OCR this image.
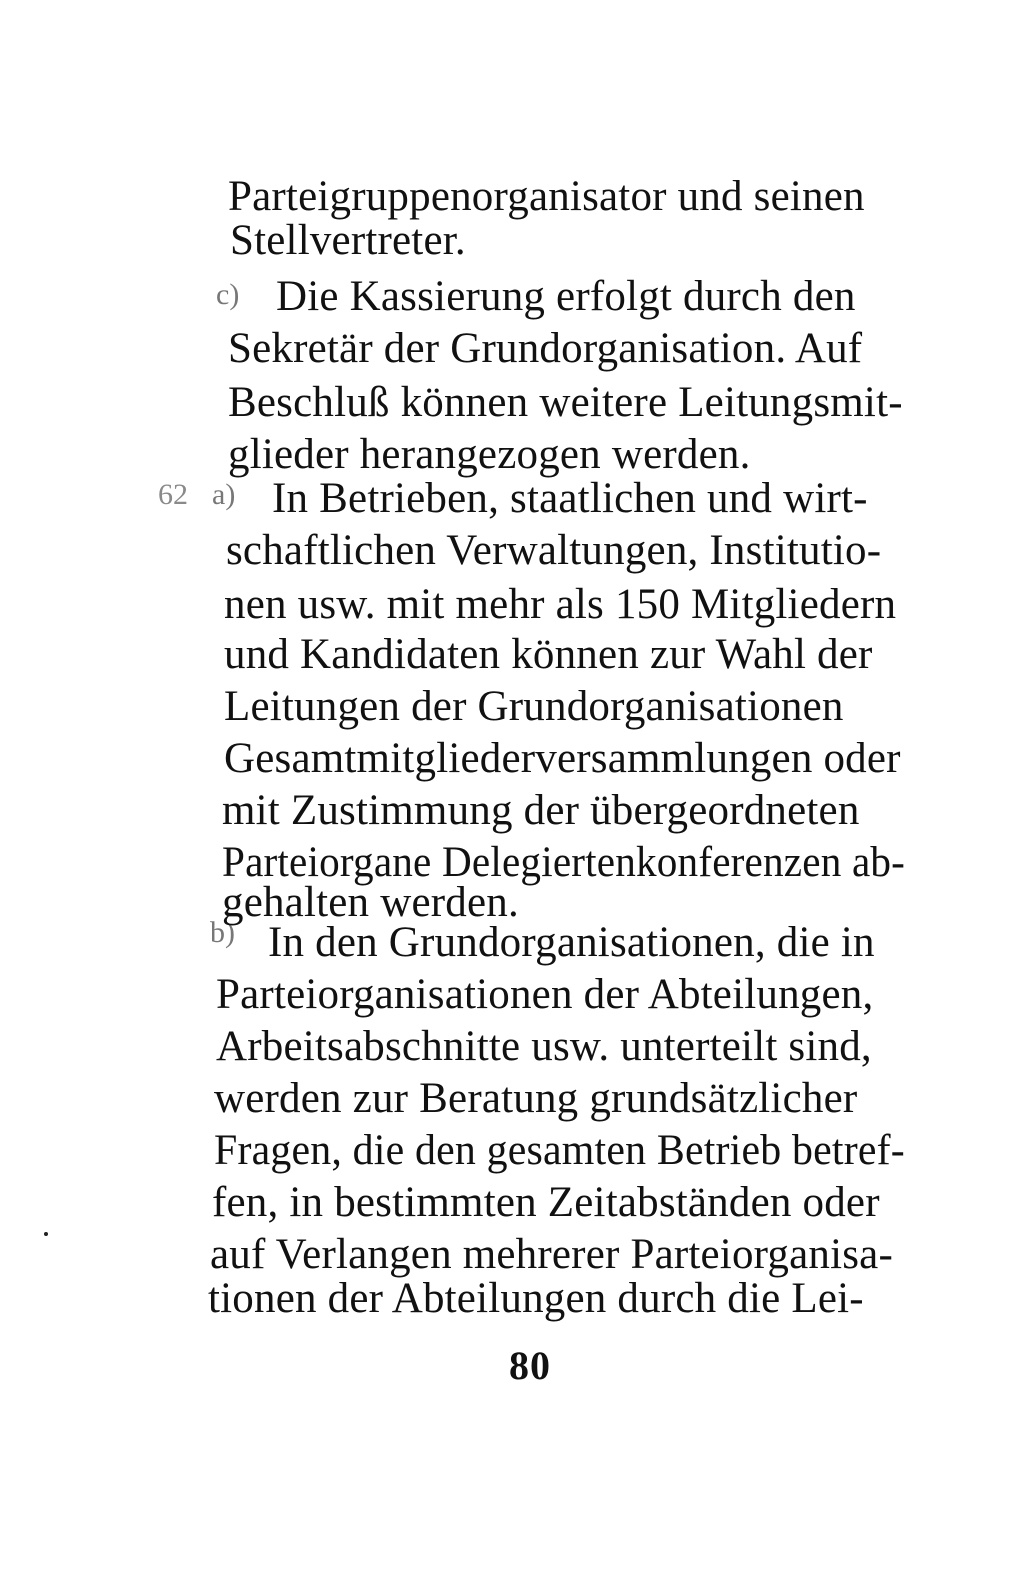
62
c)
a)
b)
Parteigruppenorganisator und seinen
Stellvertreter.
Die Kassierung erfolgt durch den
Sekretär der Grundorganisation. Auf
Beschluß können weitere Leitungsmit-
glieder herangezogen werden.
In Betrieben, staatlichen und wirt-
schaftlichen Verwaltungen, Institutio-
nen usw. mit mehr als 150 Mitgliedern
und Kandidaten können zur Wahl der
Leitungen der Grundorganisationen
Gesamtmitgliederversammlungen oder
mit Zustimmung der übergeordneten
Parteiorgane Delegiertenkonferenzen ab-
gehalten werden.
In den Grundorganisationen, die in
Parteiorganisationen der Abteilungen,
Arbeitsabschnitte usw. unterteilt sind,
werden zur Beratung grundsätzlicher
Fragen, die den gesamten Betrieb betref-
fen, in bestimmten Zeitabständen oder
auf Verlangen mehrerer Parteiorganisa-
tionen der Abteilungen durch die Lei-
80
